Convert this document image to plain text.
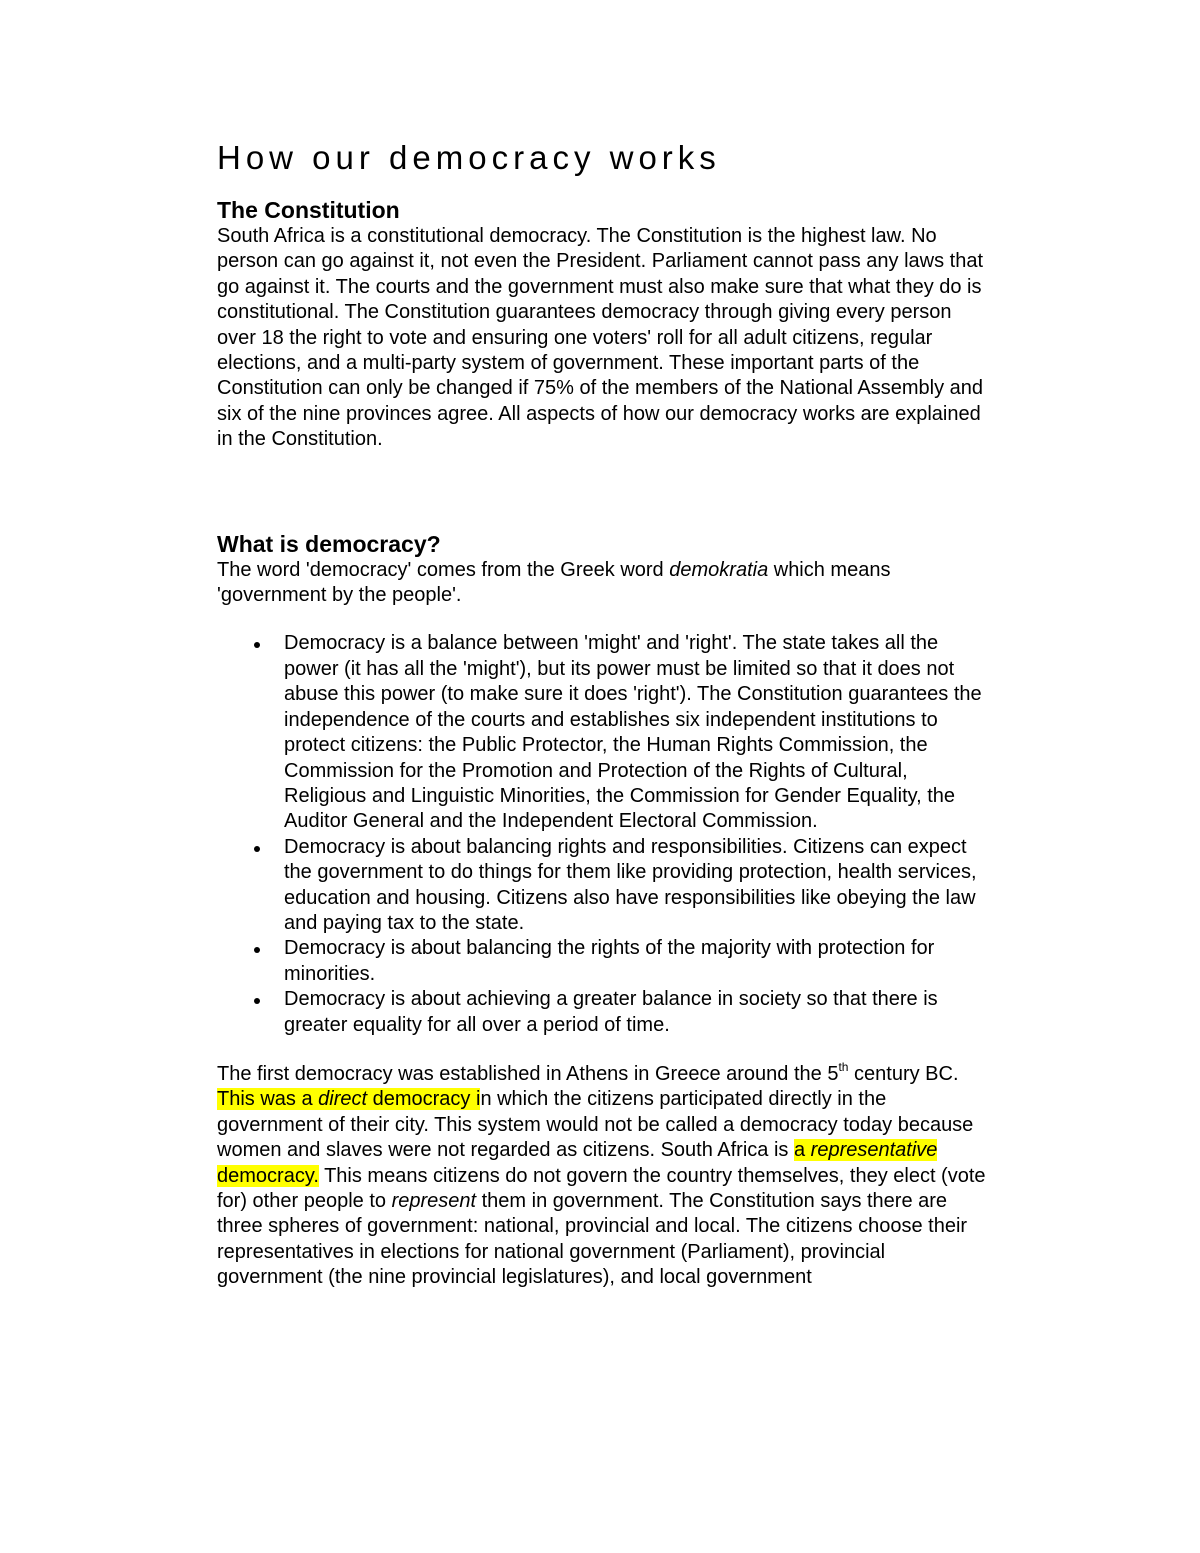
How our democracy works
The Constitution

South Africa is a constitutional democracy. The Constitution is the highest law. No person can go against it, not even the President. Parliament cannot pass any laws that go against it. The courts and the government must also make sure that what they do is constitutional. The Constitution guarantees democracy through giving every person over 18 the right to vote and ensuring one voters' roll for all adult citizens, regular elections, and a multi-party system of government. These important parts of the Constitution can only be changed if 75% of the members of the National Assembly and six of the nine provinces agree. All aspects of how our democracy works are explained in the Constitution.

What is democracy?

The word 'democracy' comes from the Greek word demokratia which means 'government by the people'.

Democracy is a balance between 'might' and 'right'. The state takes all the power (it has all the 'might'), but its power must be limited so that it does not abuse this power (to make sure it does 'right'). The Constitution guarantees the independence of the courts and establishes six independent institutions to protect citizens: the Public Protector, the Human Rights Commission, the Commission for the Promotion and Protection of the Rights of Cultural, Religious and Linguistic Minorities, the Commission for Gender Equality, the Auditor General and the Independent Electoral Commission.
Democracy is about balancing rights and responsibilities. Citizens can expect the government to do things for them like providing protection, health services, education and housing. Citizens also have responsibilities like obeying the law and paying tax to the state.
Democracy is about balancing the rights of the majority with protection for minorities.
Democracy is about achieving a greater balance in society so that there is greater equality for all over a period of time.

The first democracy was established in Athens in Greece around the 5th century BC. This was a direct democracy in which the citizens participated directly in the government of their city. This system would not be called a democracy today because women and slaves were not regarded as citizens. South Africa is a representative democracy. This means citizens do not govern the country themselves, they elect (vote for) other people to represent them in government. The Constitution says there are three spheres of government: national, provincial and local. The citizens choose their representatives in elections for national government (Parliament), provincial government (the nine provincial legislatures), and local government
